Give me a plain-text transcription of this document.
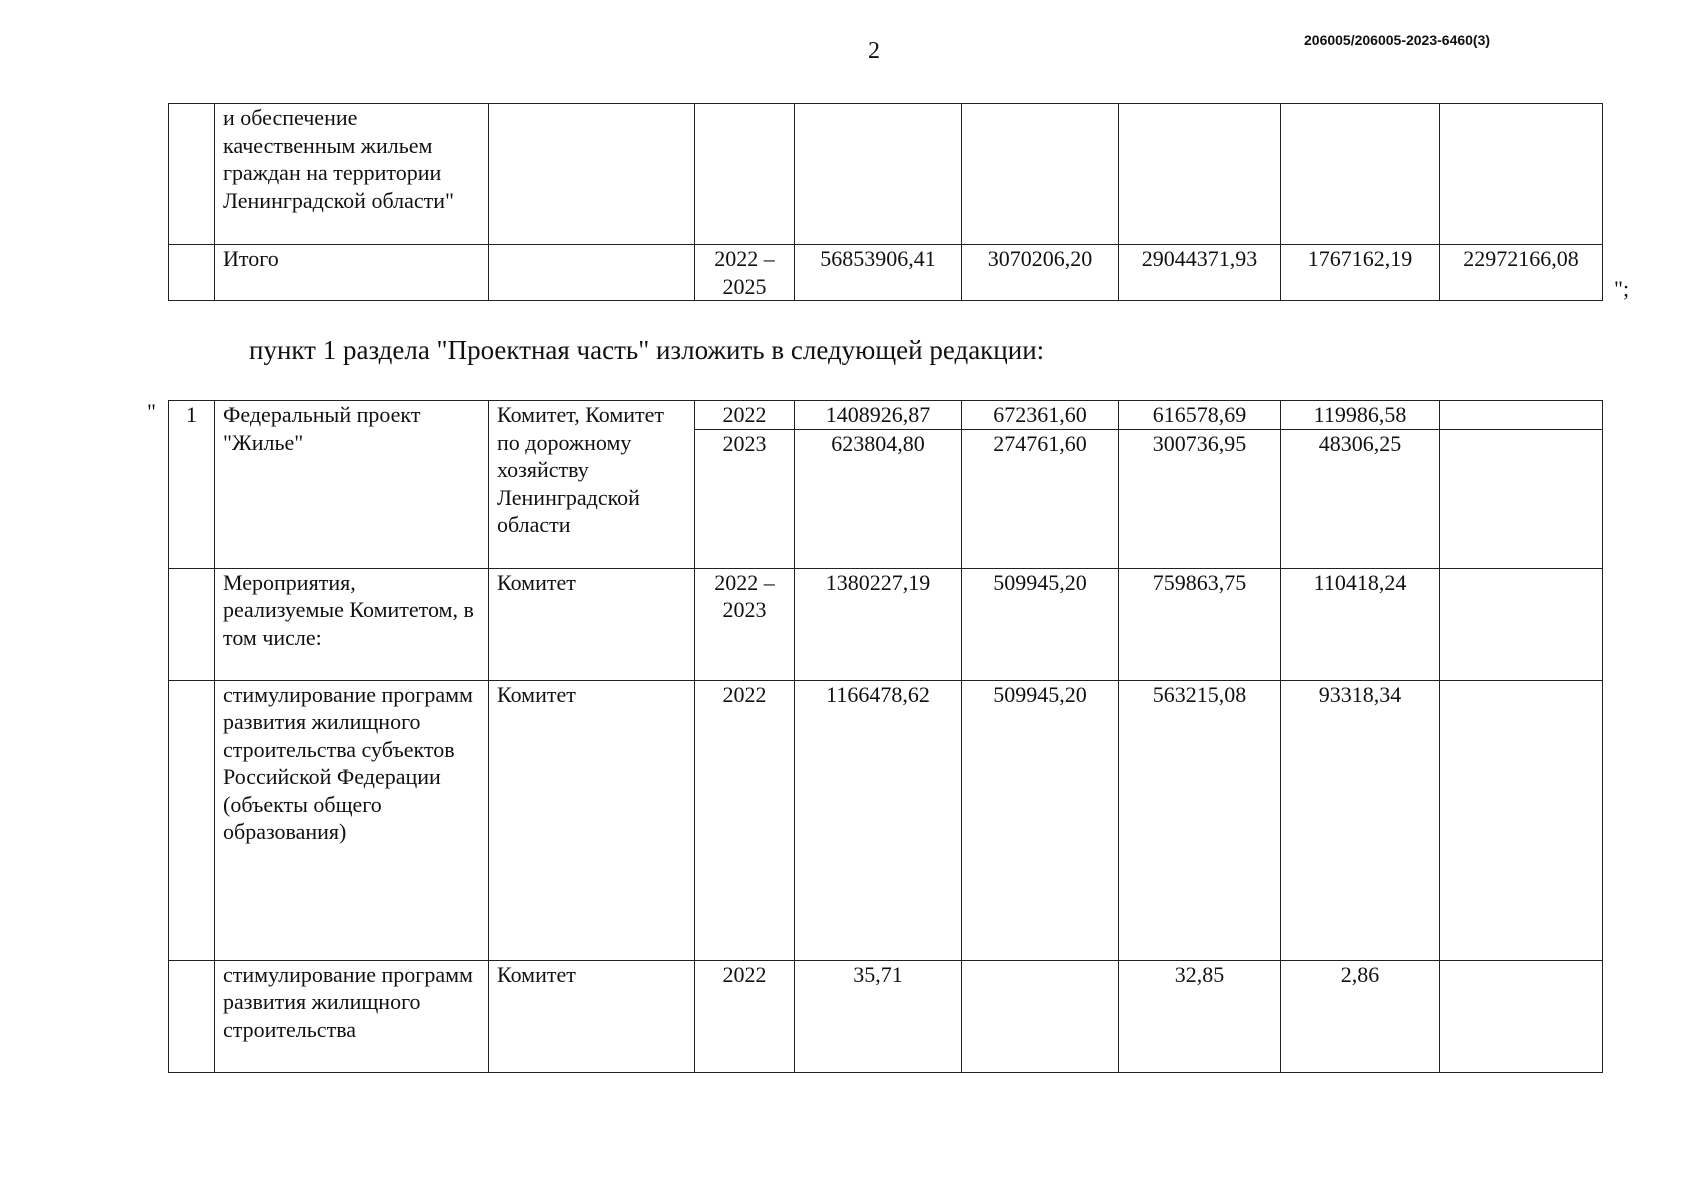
2	206005/206005-2023-6460(3)
	и обеспечение качественным жильем граждан на территории Ленинградской области"							
	Итого		2022 – 2025	56853906,41	3070206,20	29044371,93	1767162,19	22972166,08
";
пункт 1 раздела "Проектная часть" изложить в следующей редакции:
" 1	Федеральный проект "Жилье"	Комитет, Комитет по дорожному хозяйству Ленинградской области	2022	1408926,87	672361,60	616578,69	119986,58	
			2023	623804,80	274761,60	300736,95	48306,25	
	Мероприятия, реализуемые Комитетом, в том числе:	Комитет	2022 – 2023	1380227,19	509945,20	759863,75	110418,24	
	стимулирование программ развития жилищного строительства субъектов Российской Федерации (объекты общего образования)	Комитет	2022	1166478,62	509945,20	563215,08	93318,34	
	стимулирование программ развития жилищного строительства	Комитет	2022	35,71		32,85	2,86	
